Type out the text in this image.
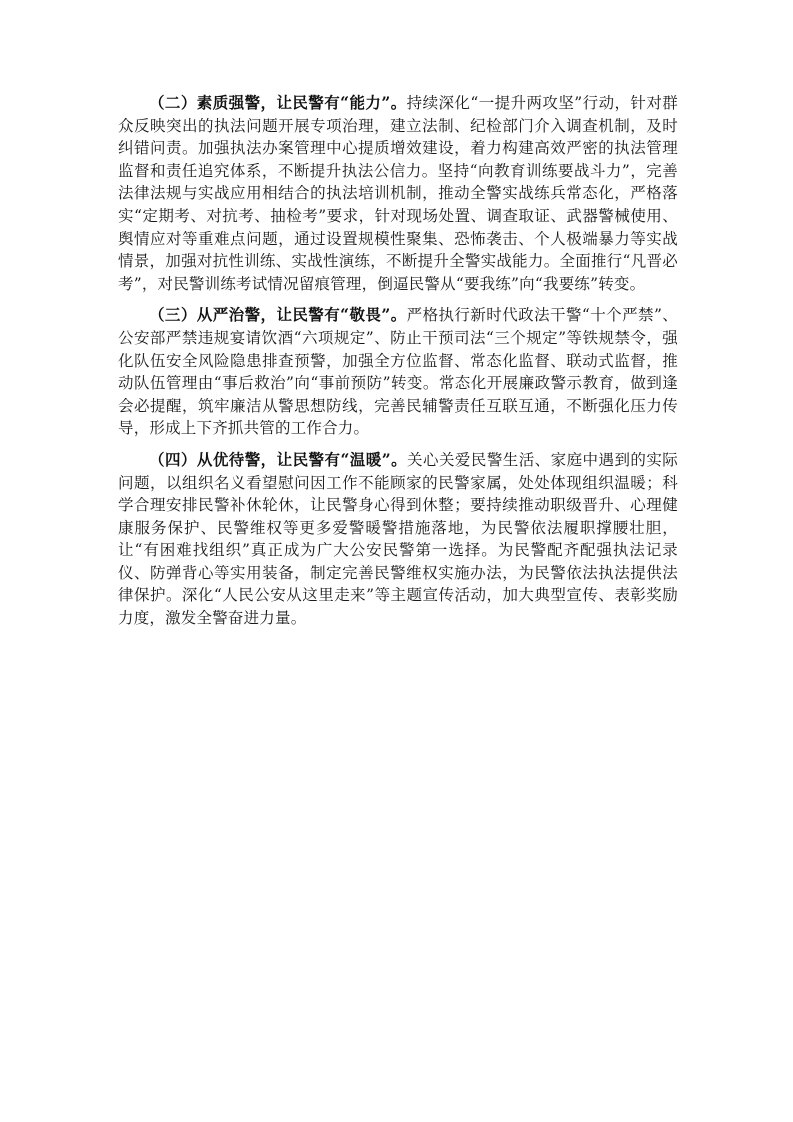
（二）素质强警，让民警有“能力”。持续深化“一提升两攻坚”行动，针对群众反映突出的执法问题开展专项治理，建立法制、纪检部门介入调查机制，及时纠错问责。加强执法办案管理中心提质增效建设，着力构建高效严密的执法管理监督和责任追究体系，不断提升执法公信力。坚持“向教育训练要战斗力”，完善法律法规与实战应用相结合的执法培训机制，推动全警实战练兵常态化，严格落实“定期考、对抗考、抽检考”要求，针对现场处置、调查取证、武器警械使用、舆情应对等重难点问题，通过设置规模性聚集、恐怖袭击、个人极端暴力等实战情景，加强对抗性训练、实战性演练，不断提升全警实战能力。全面推行“凡晋必考”，对民警训练考试情况留痕管理，倒逼民警从“要我练”向“我要练”转变。

（三）从严治警，让民警有“敬畏”。严格执行新时代政法干警“十个严禁”、公安部严禁违规宴请饮酒“六项规定”、防止干预司法“三个规定”等铁规禁令，强化队伍安全风险隐患排查预警，加强全方位监督、常态化监督、联动式监督，推动队伍管理由“事后救治”向“事前预防”转变。常态化开展廉政警示教育，做到逢会必提醒，筑牢廉洁从警思想防线，完善民辅警责任互联互通，不断强化压力传导，形成上下齐抓共管的工作合力。

（四）从优待警，让民警有“温暖”。关心关爱民警生活、家庭中遇到的实际问题，以组织名义看望慰问因工作不能顾家的民警家属，处处体现组织温暖；科学合理安排民警补休轮休，让民警身心得到休整；要持续推动职级晋升、心理健康服务保护、民警维权等更多爱警暖警措施落地，为民警依法履职撑腰壮胆，让“有困难找组织”真正成为广大公安民警第一选择。为民警配齐配强执法记录仪、防弹背心等实用装备，制定完善民警维权实施办法，为民警依法执法提供法律保护。深化“人民公安从这里走来”等主题宣传活动，加大典型宣传、表彰奖励力度，激发全警奋进力量。
